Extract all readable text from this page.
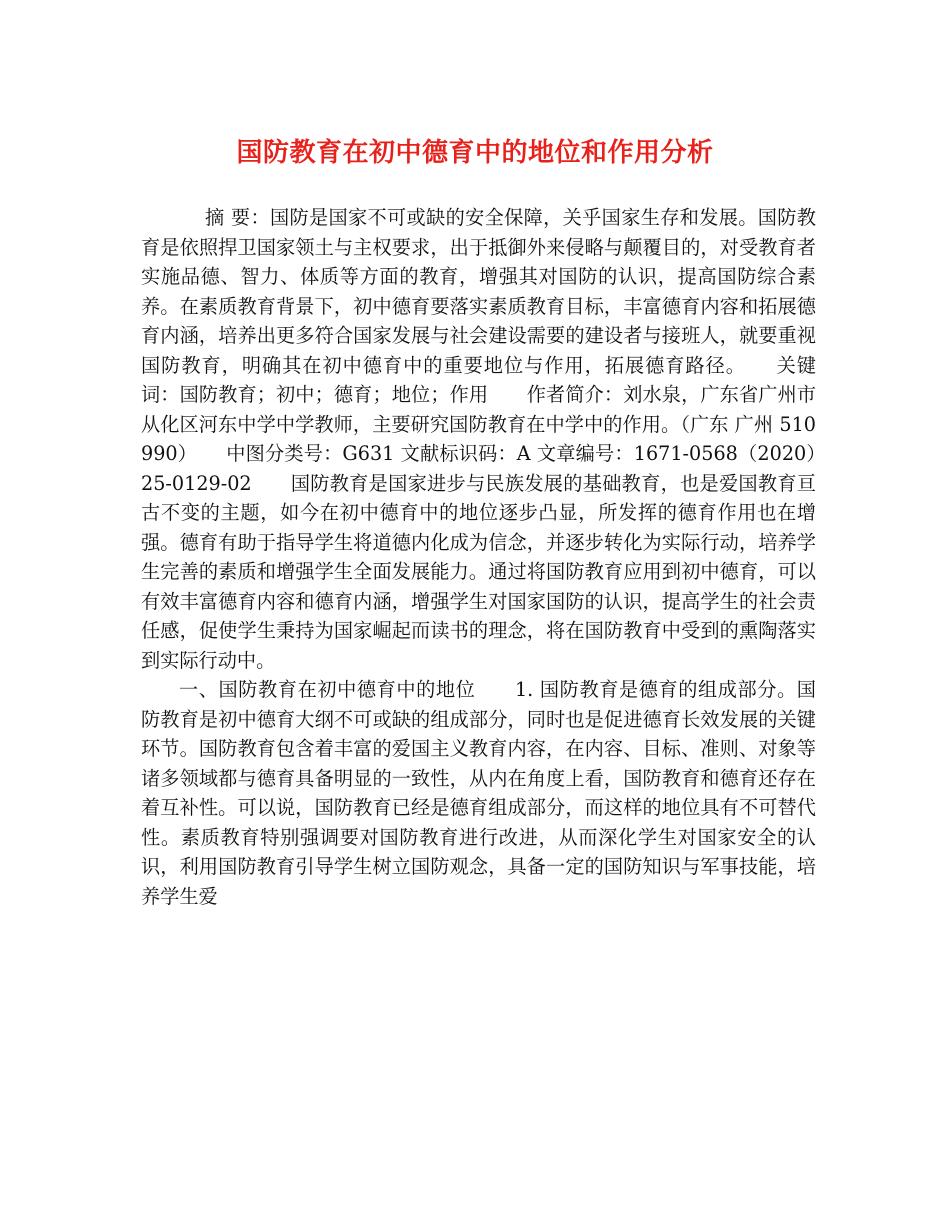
国防教育在初中德育中的地位和作用分析

摘 要：国防是国家不可或缺的安全保障，关乎国家生存和发展。国防教育是依照捍卫国家领土与主权要求，出于抵御外来侵略与颠覆目的，对受教育者实施品德、智力、体质等方面的教育，增强其对国防的认识，提高国防综合素养。在素质教育背景下，初中德育要落实素质教育目标，丰富德育内容和拓展德育内涵，培养出更多符合国家发展与社会建设需要的建设者与接班人，就要重视国防教育，明确其在初中德育中的重要地位与作用，拓展德育路径。　　关键词：国防教育；初中；德育；地位；作用　　作者简介：刘水泉，广东省广州市从化区河东中学中学教师，主要研究国防教育在中学中的作用。（广东 广州 510990）　　中图分类号：G631 文献标识码：A 文章编号：1671-0568（2020）25-0129-02　　国防教育是国家进步与民族发展的基础教育，也是爱国教育亘古不变的主题，如今在初中德育中的地位逐步凸显，所发挥的德育作用也在增强。德育有助于指导学生将道德内化成为信念，并逐步转化为实际行动，培养学生完善的素质和增强学生全面发展能力。通过将国防教育应用到初中德育，可以有效丰富德育内容和德育内涵，增强学生对国家国防的认识，提高学生的社会责任感，促使学生秉持为国家崛起而读书的理念，将在国防教育中受到的熏陶落实到实际行动中。

一、国防教育在初中德育中的地位　　1. 国防教育是德育的组成部分。国防教育是初中德育大纲不可或缺的组成部分，同时也是促进德育长效发展的关键环节。国防教育包含着丰富的爱国主义教育内容，在内容、目标、准则、对象等诸多领域都与德育具备明显的一致性，从内在角度上看，国防教育和德育还存在着互补性。可以说，国防教育已经是德育组成部分，而这样的地位具有不可替代性。素质教育特别强调要对国防教育进行改进，从而深化学生对国家安全的认识，利用国防教育引导学生树立国防观念，具备一定的国防知识与军事技能，培养学生爱
